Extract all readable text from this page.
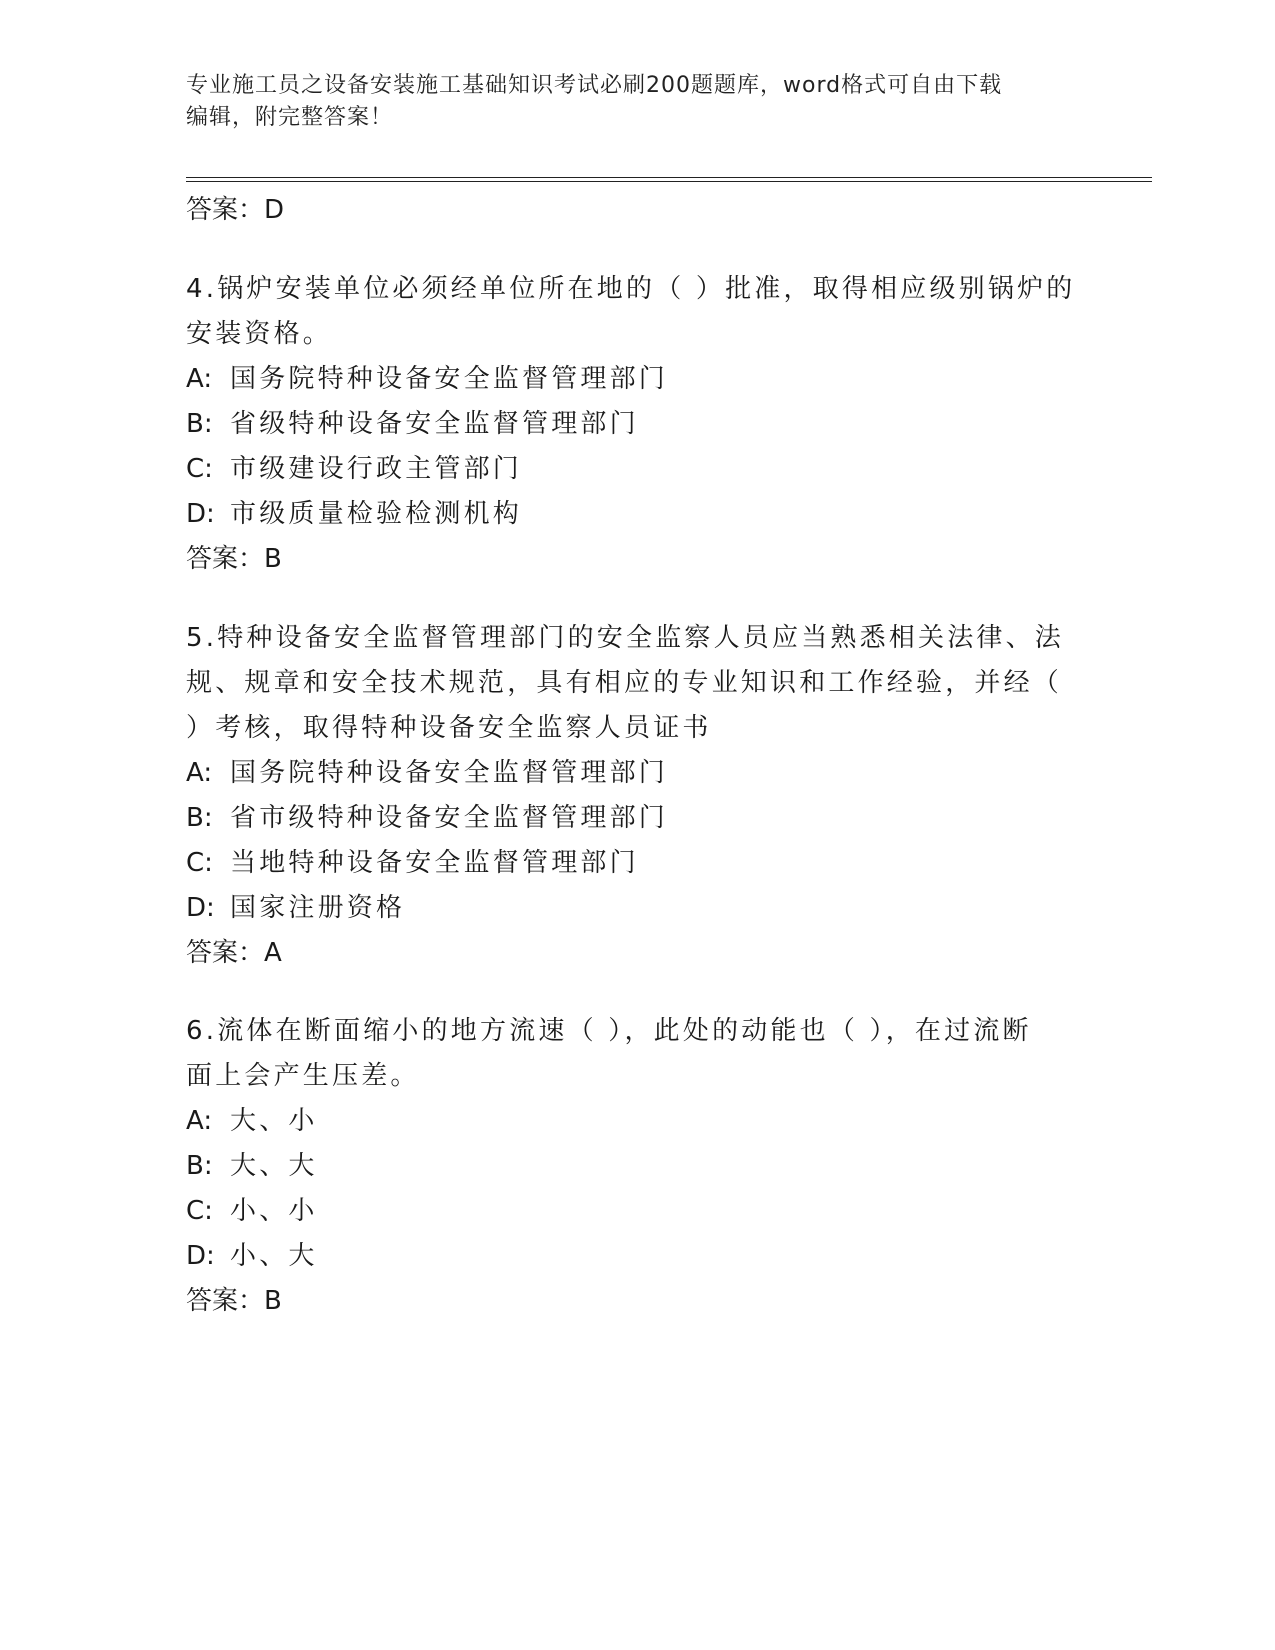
专业施工员之设备安装施工基础知识考试必刷200题题库，word格式可自由下载
编辑，附完整答案！
答案：D

4.锅炉安装单位必须经单位所在地的（ ）批准，取得相应级别锅炉的

安装资格。

A: 国务院特种设备安全监督管理部门

B: 省级特种设备安全监督管理部门

C: 市级建设行政主管部门

D: 市级质量检验检测机构

答案：B

5.特种设备安全监督管理部门的安全监察人员应当熟悉相关法律、法

规、规章和安全技术规范，具有相应的专业知识和工作经验，并经（

）考核，取得特种设备安全监察人员证书

A: 国务院特种设备安全监督管理部门

B: 省市级特种设备安全监督管理部门

C: 当地特种设备安全监督管理部门

D: 国家注册资格

答案：A

6.流体在断面缩小的地方流速（ ），此处的动能也（ ），在过流断

面上会产生压差。

A: 大、小

B: 大、大

C: 小、小

D: 小、大

答案：B
